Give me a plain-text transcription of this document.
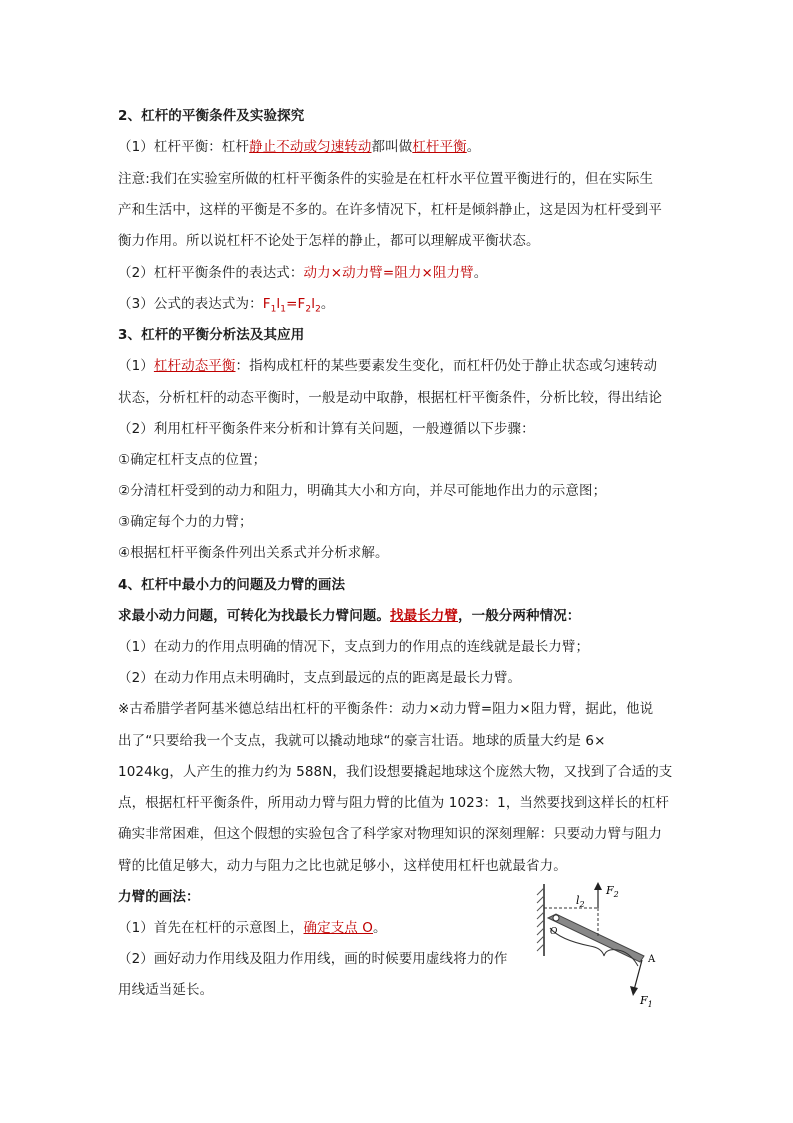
2、杠杆的平衡条件及实验探究
（1）杠杆平衡：杠杆静止不动或匀速转动都叫做杠杆平衡。
注意:我们在实验室所做的杠杆平衡条件的实验是在杠杆水平位置平衡进行的，但在实际生
产和生活中，这样的平衡是不多的。在许多情况下，杠杆是倾斜静止，这是因为杠杆受到平
衡力作用。所以说杠杆不论处于怎样的静止，都可以理解成平衡状态。
（2）杠杆平衡条件的表达式：动力×动力臂=阻力×阻力臂。
（3）公式的表达式为：$F_1l_1=F_2l_2$。
3、杠杆的平衡分析法及其应用
（1）杠杆动态平衡：指构成杠杆的某些要素发生变化，而杠杆仍处于静止状态或匀速转动
状态，分析杠杆的动态平衡时，一般是动中取静，根据杠杆平衡条件，分析比较，得出结论
（2）利用杠杆平衡条件来分析和计算有关问题，一般遵循以下步骤：
①确定杠杆支点的位置；
②分清杠杆受到的动力和阻力，明确其大小和方向，并尽可能地作出力的示意图；
③确定每个力的力臂；
④根据杠杆平衡条件列出关系式并分析求解。
4、杠杆中最小力的问题及力臂的画法
求最小动力问题，可转化为找最长力臂问题。找最长力臂，一般分两种情况：
（1）在动力的作用点明确的情况下，支点到力的作用点的连线就是最长力臂；
（2）在动力作用点未明确时，支点到最远的点的距离是最长力臂。
※古希腊学者阿基米德总结出杠杆的平衡条件：动力×动力臂=阻力×阻力臂，据此，他说
出了“只要给我一个支点，我就可以撬动地球“的豪言壮语。地球的质量大约是 6×
1024kg，人产生的推力约为 588N，我们设想要撬起地球这个庞然大物，又找到了合适的支
点，根据杠杆平衡条件，所用动力臂与阻力臂的比值为 1023：1，当然要找到这样长的杠杆
确实非常困难，但这个假想的实验包含了科学家对物理知识的深刻理解：只要动力臂与阻力
臂的比值足够大，动力与阻力之比也就足够小，这样使用杠杆也就最省力。
力臂的画法：
（1）首先在杠杆的示意图上，确定支点 O。
（2）画好动力作用线及阻力作用线，画的时候要用虚线将力的作
用线适当延长。
$l_2$
$F_2$
A
O
$F_1$
